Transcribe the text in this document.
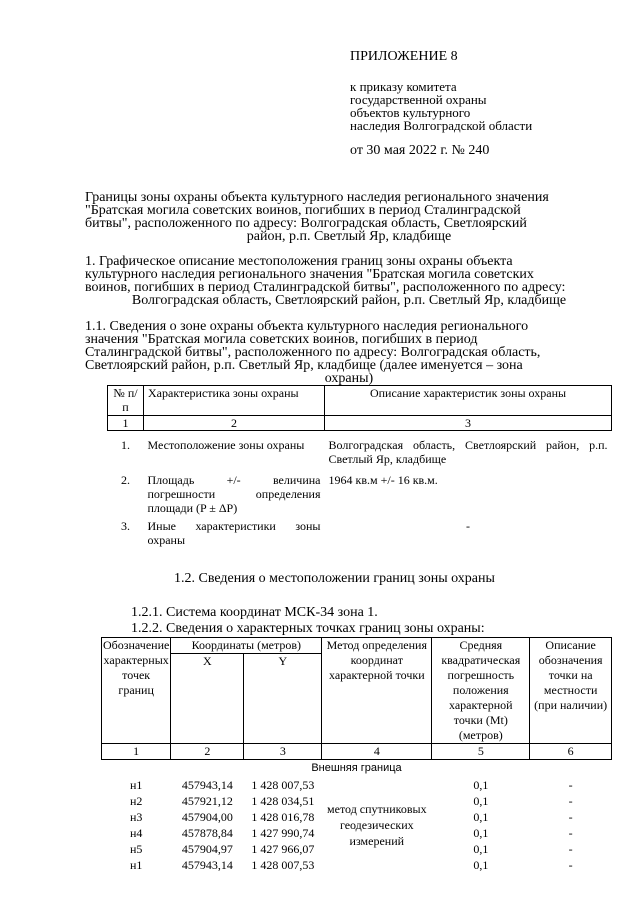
ПРИЛОЖЕНИЕ 8
к приказу комитета
государственной охраны
объектов культурного
наследия Волгоградской области
от 30 мая 2022 г. № 240
Границы зоны охраны объекта культурного наследия регионального значения
"Братская могила советских воинов, погибших в период Сталинградской
битвы", расположенного по адресу: Волгоградская область, Светлоярский
район, р.п. Светлый Яр, кладбище
1. Графическое описание местоположения границ зоны охраны объекта
культурного наследия регионального значения "Братская могила советских
воинов, погибших в период Сталинградской битвы", расположенного по адресу:
Волгоградская область, Светлоярский район, р.п. Светлый Яр, кладбище
1.1. Сведения о зоне охраны объекта культурного наследия регионального
значения "Братская могила советских воинов, погибших в период
Сталинградской битвы", расположенного по адресу: Волгоградская область,
Светлоярский район, р.п. Светлый Яр, кладбище (далее именуется – зона
охраны)
№ п/п	Характеристика зоны охраны	Описание характеристик зоны охраны
1	2	3
1.	Местоположение зоны охраны	Волгоградская область, Светлоярский район, р.п. Светлый Яр, кладбище
2.	Площадь +/- величина погрешности определения площади (P ± ΔP)	1964 кв.м +/- 16 кв.м.
3.	Иные характеристики зоны охраны	-
1.2. Сведения о местоположении границ зоны охраны
1.2.1. Система координат МСК-34 зона 1.
1.2.2. Сведения о характерных точках границ зоны охраны:
Обозначение характерных точек границ	Координаты (метров)		Метод определения координат характерной точки	Средняя квадратическая погрешность положения характерной точки (Mt) (метров)	Описание обозначения точки на местности (при наличии)
	X	Y			
1	2	3	4	5	6
Внешняя граница					
н1	457943,14	1 428 007,53	метод спутниковых геодезических измерений	0,1	-
н2	457921,12	1 428 034,51		0,1	-
н3	457904,00	1 428 016,78		0,1	-
н4	457878,84	1 427 990,74		0,1	-
н5	457904,97	1 427 966,07		0,1	-
н1	457943,14	1 428 007,53		0,1	-
